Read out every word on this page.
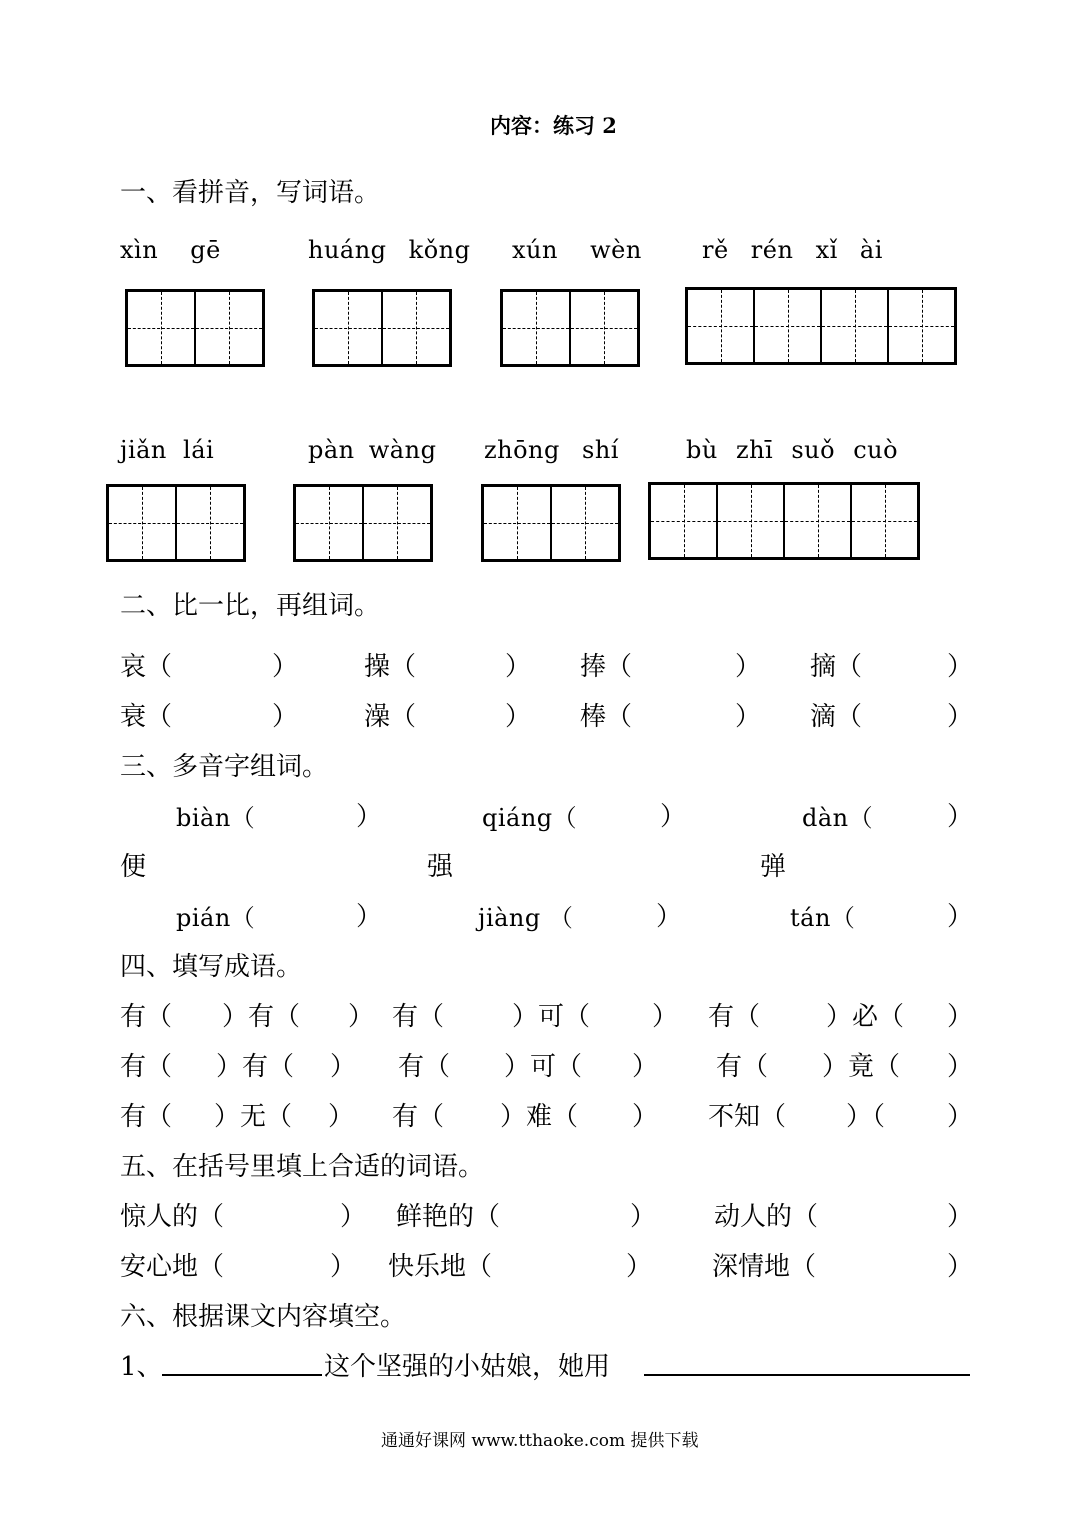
内容：练习 2
一、看拼音，写词语。
xìn gē	huáng kǒng xún wèn	rě rén xǐ ài
jiǎn lái	pàn wàng zhōng shí	bù zhī suǒ cuò
二、比一比，再组词。
哀（	）	操（	） 捧（	） 摘（	）
衰（	）	澡（	） 棒（	） 滴（	）
三、多音字组词。
biàn（	）	qiáng（	）	dàn（	）
便	强	弹
pián（	）	jiàng （	）	tán（	）
四、填写成语。
有（ ）有（ ） 有（	）可（ ） 有（	）必（ ）
有（ ）有（ ） 有（ ）可（ ） 有（ ）竟（ ）
有（ ）无（ ） 有（ ）难（ ） 不知（ ）（ ）
五、在括号里填上合适的词语。
惊人的（	） 鲜艳的（	） 动人的（	）
安心地（	） 快乐地（	） 深情地（	）
六、根据课文内容填空。
1、	这个坚强的小姑娘，她用
通通好课网 www.tthaoke.com 提供下载
